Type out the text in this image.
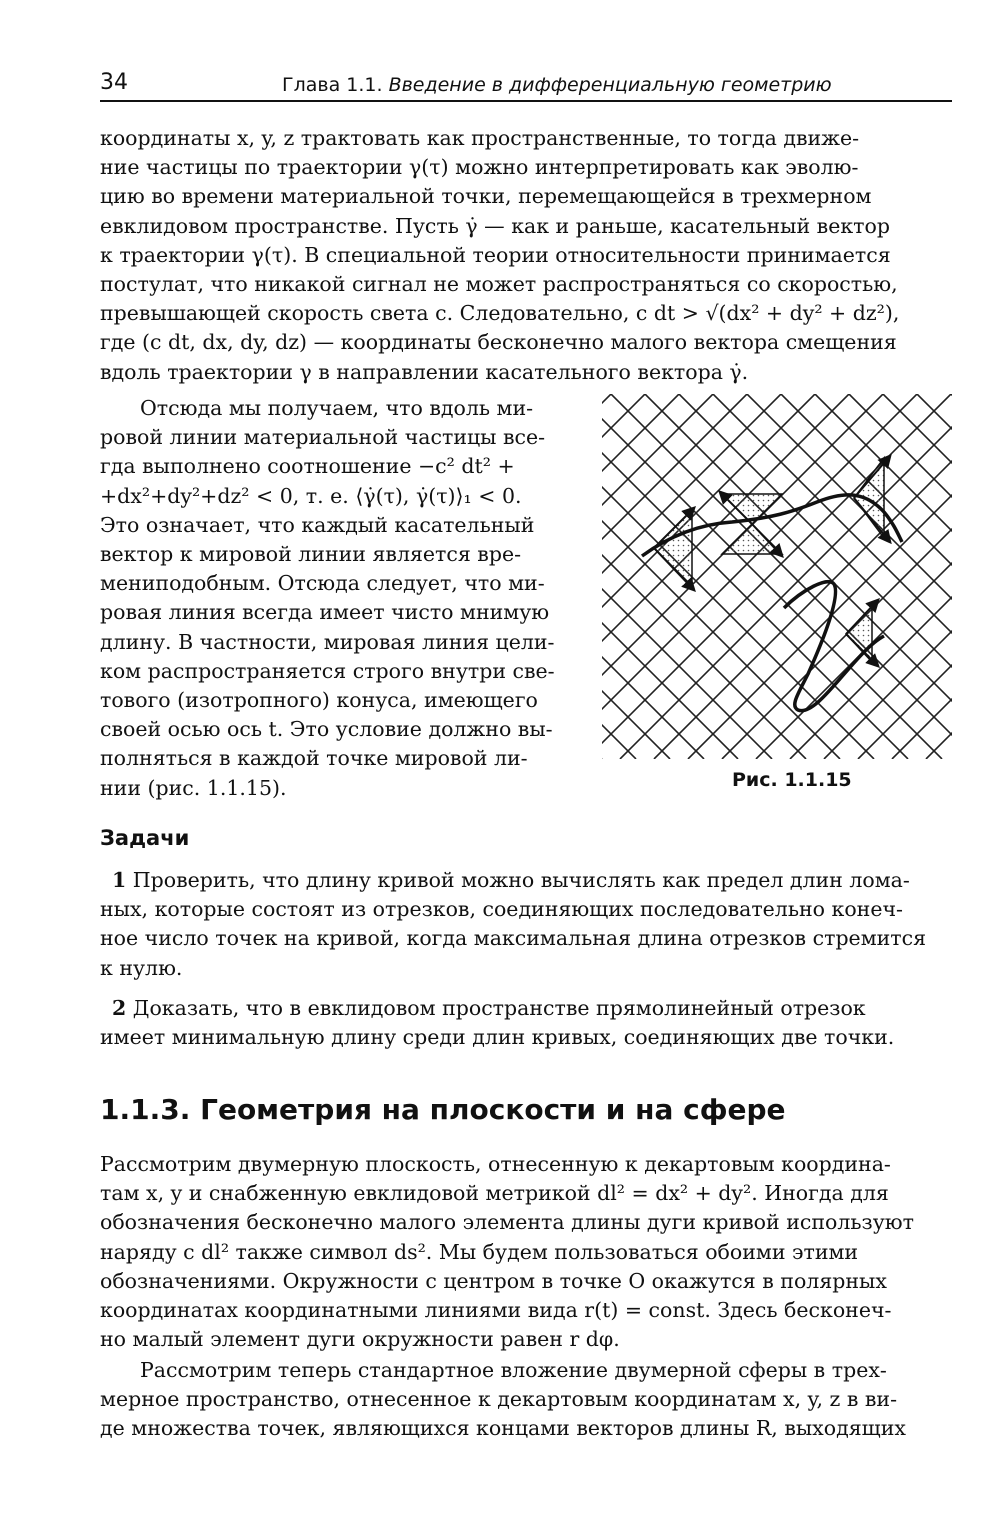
34	Глава 1.1. Введение в дифференциальную геометрию
координаты x, y, z трактовать как пространственные, то тогда движе-
ние частицы по траектории γ(τ) можно интерпретировать как эволю-
цию во времени материальной точки, перемещающейся в трехмерном
евклидовом пространстве. Пусть γ̇ — как и раньше, касательный вектор
к траектории γ(τ). В специальной теории относительности принимается
постулат, что никакой сигнал не может распространяться со скоростью,
превышающей скорость света c. Следовательно, c dt > √(dx² + dy² + dz²),
где (c dt, dx, dy, dz) — координаты бесконечно малого вектора смещения
вдоль траектории γ в направлении касательного вектора γ̇.
Отсюда мы получаем, что вдоль ми-
ровой линии материальной частицы все-
гда выполнено соотношение −c² dt² +
+dx²+dy²+dz² < 0, т. е. ⟨γ̇(τ), γ̇(τ)⟩₁ < 0.
Это означает, что каждый касательный
вектор к мировой линии является вре-
мениподобным. Отсюда следует, что ми-
ровая линия всегда имеет чисто мнимую
длину. В частности, мировая линия цели-
ком распространяется строго внутри све-
тового (изотропного) конуса, имеющего
своей осью ось t. Это условие должно вы-
полняться в каждой точке мировой ли-
нии (рис. 1.1.15).	Рис. 1.1.15
Задачи
1 Проверить, что длину кривой можно вычислять как предел длин лома-
ных, которые состоят из отрезков, соединяющих последовательно конеч-
ное число точек на кривой, когда максимальная длина отрезков стремится
к нулю.
2 Доказать, что в евклидовом пространстве прямолинейный отрезок
имеет минимальную длину среди длин кривых, соединяющих две точки.
1.1.3. Геометрия на плоскости и на сфере
Рассмотрим двумерную плоскость, отнесенную к декартовым координа-
там x, y и снабженную евклидовой метрикой dl² = dx² + dy². Иногда для
обозначения бесконечно малого элемента длины дуги кривой используют
наряду с dl² также символ ds². Мы будем пользоваться обоими этими
обозначениями. Окружности с центром в точке O окажутся в полярных
координатах координатными линиями вида r(t) = const. Здесь бесконеч-
но малый элемент дуги окружности равен r dφ.
Рассмотрим теперь стандартное вложение двумерной сферы в трех-
мерное пространство, отнесенное к декартовым координатам x, y, z в ви-
де множества точек, являющихся концами векторов длины R, выходящих
